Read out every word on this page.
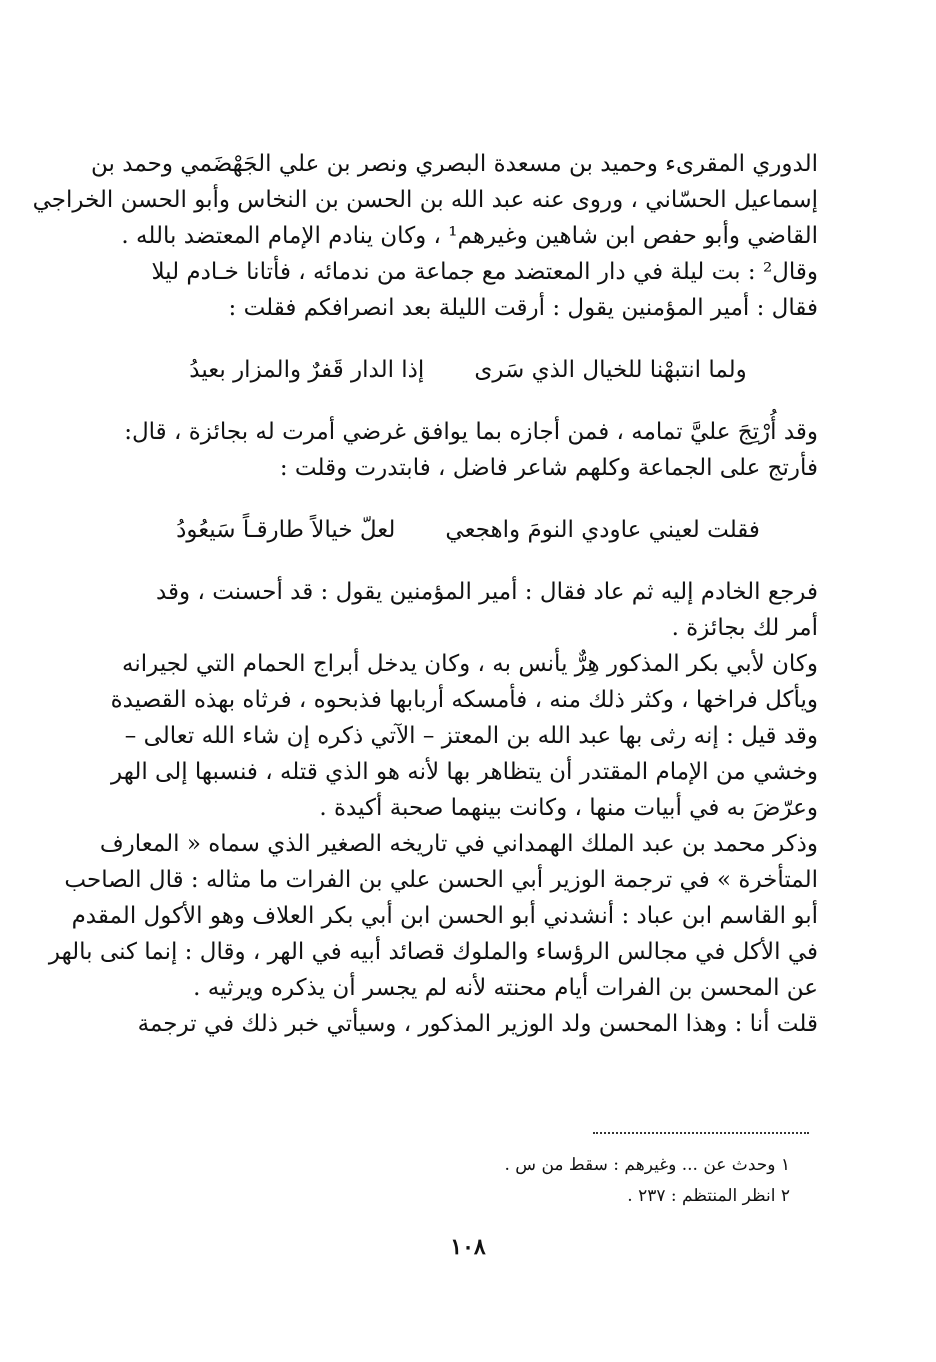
الدوري المقرىء وحميد بن مسعدة البصري ونصر بن علي الجَهْضَمي وحمد بن
إسماعيل الحسّاني ، وروى عنه عبد الله بن الحسن بن النخاس وأبو الحسن الخراجي
القاضي وأبو حفص ابن شاهين وغيرهم¹ ، وكان ينادم الإمام المعتضد بالله .
وقال² : بت ليلة في دار المعتضد مع جماعة من ندمائه ، فأتانا خـادم ليلا
فقال : أمير المؤمنين يقول : أرقت الليلة بعد انصرافكم فقلت :
ولما انتبهْنا للخيال الذي سَرى
إذا الدار قَفرٌ والمزار بعيدُ
وقد أُرْتِجَ عليَّ تمامه ، فمن أجازه بما يوافق غرضي أمرت له بجائزة ، قال:
فأرتج على الجماعة وكلهم شاعر فاضل ، فابتدرت وقلت :
فقلت لعيني عاودي النومَ واهجعي
لعلّ خيالاً طارقـاً سَيعُودُ
فرجع الخادم إليه ثم عاد فقال : أمير المؤمنين يقول : قد أحسنت ، وقد
أمر لك بجائزة .
وكان لأبي بكر المذكور هِرٌّ يأنس به ، وكان يدخل أبراج الحمام التي لجيرانه
ويأكل فراخها ، وكثر ذلك منه ، فأمسكه أربابها فذبحوه ، فرثاه بهذه القصيدة
وقد قيل : إنه رثى بها عبد الله بن المعتز – الآتي ذكره إن شاء الله تعالى –
وخشي من الإمام المقتدر أن يتظاهر بها لأنه هو الذي قتله ، فنسبها إلى الهر
وعرّضَ به في أبيات منها ، وكانت بينهما صحبة أكيدة .
وذكر محمد بن عبد الملك الهمداني في تاريخه الصغير الذي سماه « المعارف
المتأخرة » في ترجمة الوزير أبي الحسن علي بن الفرات ما مثاله : قال الصاحب
أبو القاسم ابن عباد : أنشدني أبو الحسن ابن أبي بكر العلاف وهو الأكول المقدم
في الأكل في مجالس الرؤساء والملوك قصائد أبيه في الهر ، وقال : إنما كنى بالهر
عن المحسن بن الفرات أيام محنته لأنه لم يجسر أن يذكره ويرثيه .
قلت أنا : وهذا المحسن ولد الوزير المذكور ، وسيأتي خبر ذلك في ترجمة
١ وحدث عن ... وغيرهم : سقط من س .
٢ انظر المنتظم : ٢٣٧ .
١٠٨
